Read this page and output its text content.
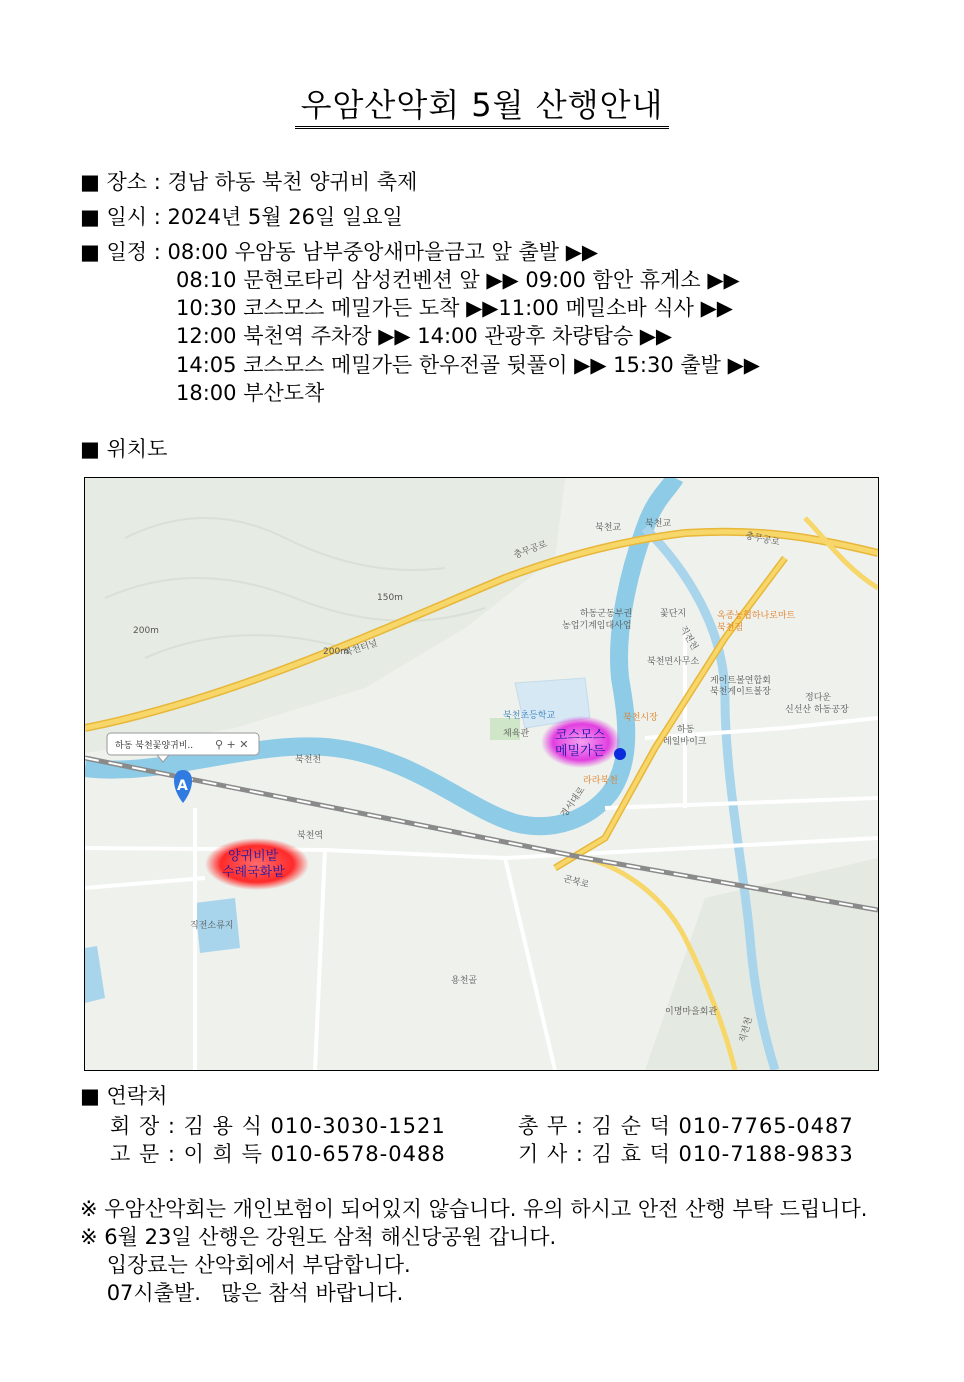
우암산악회 5월 산행안내
■ 장소 : 경남 하동 북천 양귀비 축제
■ 일시 : 2024년 5월 26일 일요일
■ 일정 : 08:00 우암동 남부중앙새마을금고 앞 출발 ▶▶
08:10 문현로타리 삼성컨벤션 앞 ▶▶ 09:00 함안 휴게소 ▶▶
10:30 코스모스 메밀가든 도착 ▶▶11:00 메밀소바 식사 ▶▶
12:00 북천역 주차장 ▶▶ 14:00 관광후 차량탑승 ▶▶
14:05 코스모스 메밀가든 한우전골 뒷풀이 ▶▶ 15:30 출발 ▶▶
18:00 부산도착
■ 위치도
북천교	북천교
충무공로	충무공로
150m
200m
200m
북천터널
하동군동부권
농업기계임대사업
꽃단지	옥종농협하나로마트
북천점
북천면사무소
게이트볼연합회
북천게이트볼장
정다운
신선산 하동공장
북천초등학교
체육관
북천시장
하동
레일바이크
북천천
라라북천
경서대로
북천역
곤북로
직전소류지
용천골
이명마을회관
직전천
직전천
하동 북천꽃양귀비.. ⚲ + ✕
A
코스모스
메밀가든
양귀비밭
수례국화밭
■ 연락처
회 장 : 김 용 식 010-3030-1521
고 문 : 이 희 득 010-6578-0488
총 무 : 김 순 덕 010-7765-0487
기 사 : 김 효 덕 010-7188-9833
※ 우암산악회는 개인보험이 되어있지 않습니다. 유의 하시고 안전 산행 부탁 드립니다.
※ 6월 23일 산행은 강원도 삼척 해신당공원 갑니다.
입장료는 산악회에서 부담합니다.
07시출발.   많은 참석 바랍니다.
